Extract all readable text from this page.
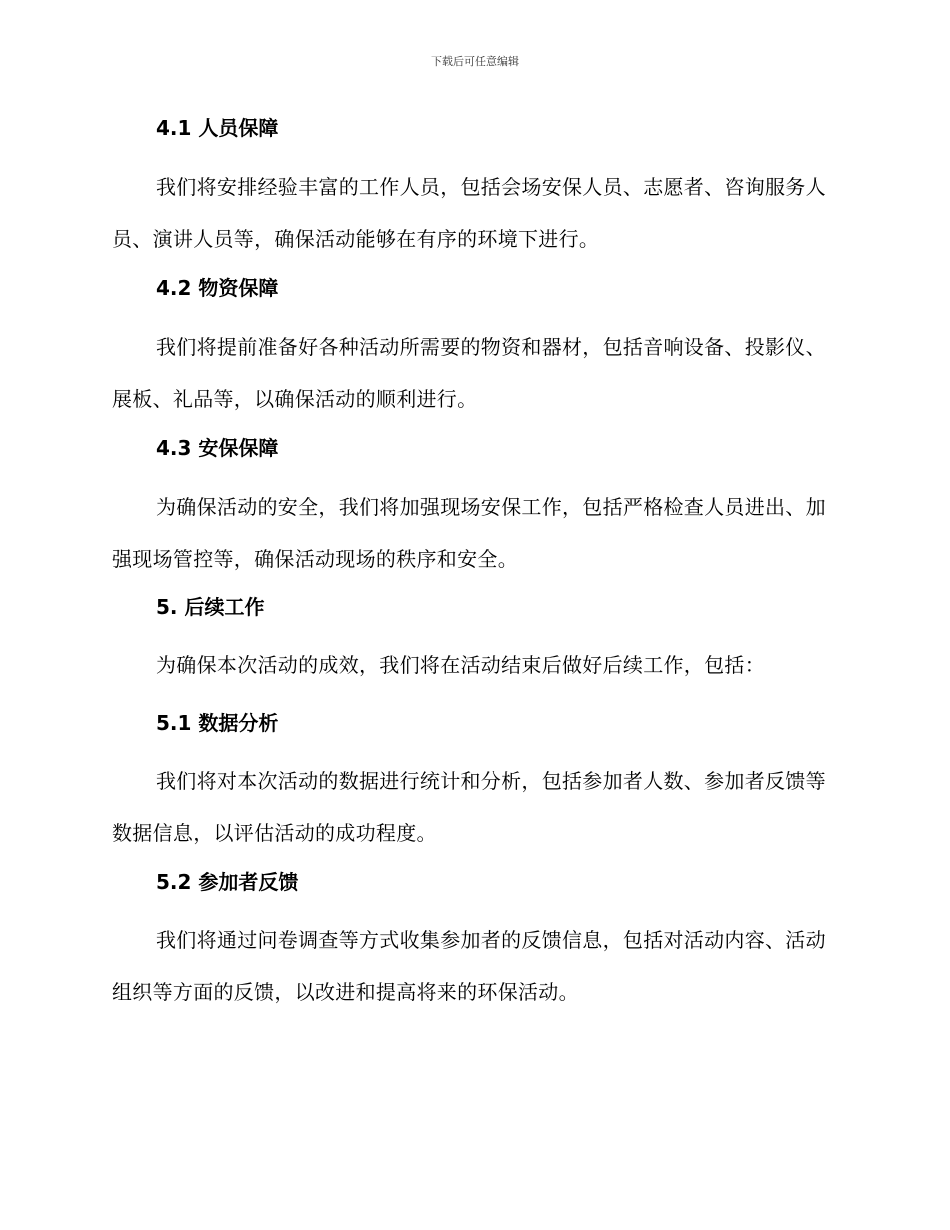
下载后可任意编辑
4.1 人员保障

我们将安排经验丰富的工作人员，包括会场安保人员、志愿者、咨询服务人员、演讲人员等，确保活动能够在有序的环境下进行。

4.2 物资保障

我们将提前准备好各种活动所需要的物资和器材，包括音响设备、投影仪、展板、礼品等，以确保活动的顺利进行。

4.3 安保保障

为确保活动的安全，我们将加强现场安保工作，包括严格检查人员进出、加强现场管控等，确保活动现场的秩序和安全。

5. 后续工作

为确保本次活动的成效，我们将在活动结束后做好后续工作，包括：

5.1 数据分析

我们将对本次活动的数据进行统计和分析，包括参加者人数、参加者反馈等数据信息，以评估活动的成功程度。

5.2 参加者反馈

我们将通过问卷调查等方式收集参加者的反馈信息，包括对活动内容、活动组织等方面的反馈，以改进和提高将来的环保活动。
